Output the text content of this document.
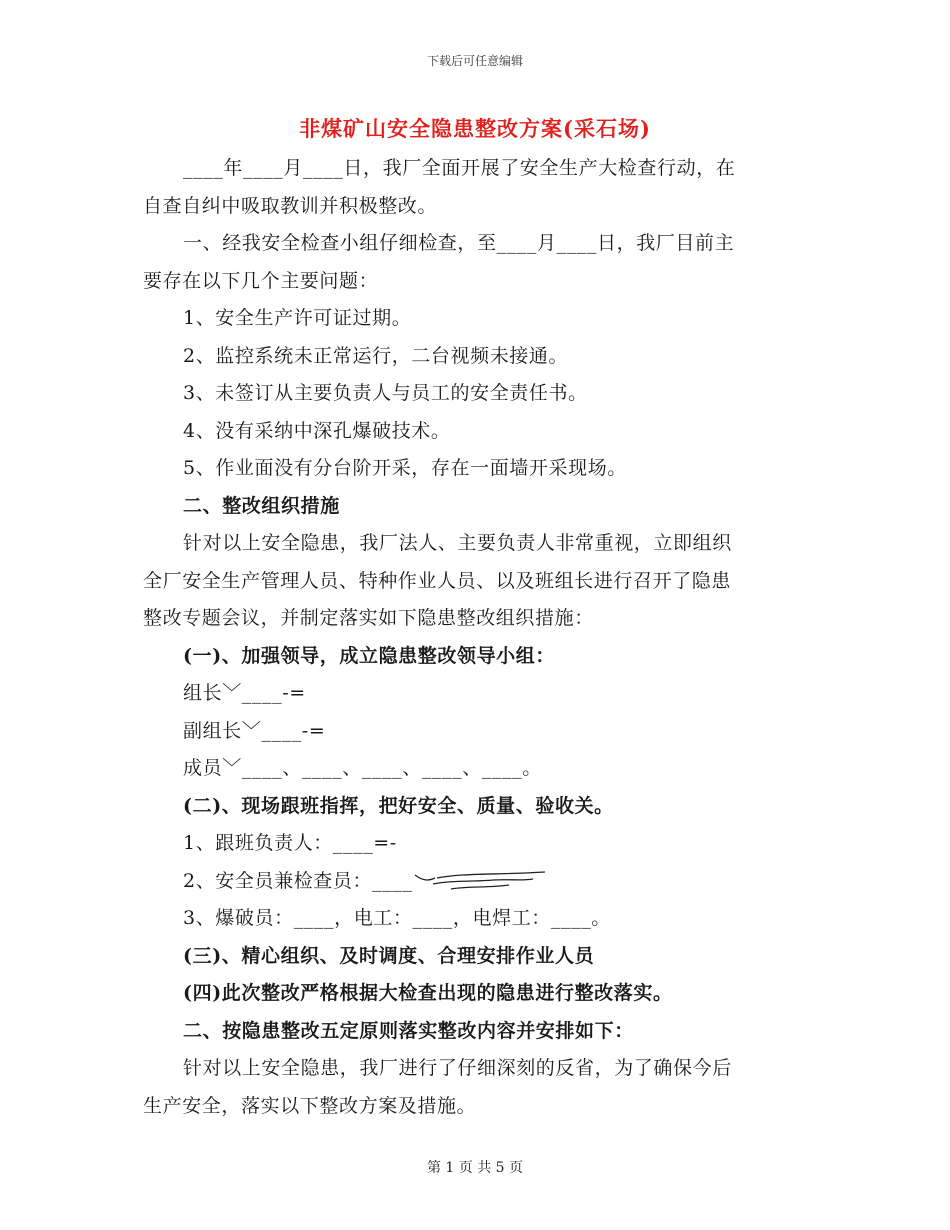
下载后可任意编辑
非煤矿山安全隐患整改方案(采石场)
____年____月____日，我厂全面开展了安全生产大检查行动，在
自查自纠中吸取教训并积极整改。
一、经我安全检查小组仔细检查，至____月____日，我厂目前主
要存在以下几个主要问题：
1、安全生产许可证过期。
2、监控系统未正常运行，二台视频未接通。
3、未签订从主要负责人与员工的安全责任书。
4、没有采纳中深孔爆破技术。
5、作业面没有分台阶开采，存在一面墙开采现场。
二、整改组织措施
针对以上安全隐患，我厂法人、主要负责人非常重视，立即组织
全厂安全生产管理人员、特种作业人员、以及班组长进行召开了隐患
整改专题会议，并制定落实如下隐患整改组织措施：
(一)、加强领导，成立隐患整改领导小组：
组长﹀____-=
副组长﹀____-=
成员﹀____、____、____、____、____。
(二)、现场跟班指挥，把好安全、质量、验收关。
1、跟班负责人：____=-
2、安全员兼检查员：____
3、爆破员：____，电工：____，电焊工：____。
(三)、精心组织、及时调度、合理安排作业人员
(四)此次整改严格根据大检查出现的隐患进行整改落实。
二、按隐患整改五定原则落实整改内容并安排如下：
针对以上安全隐患，我厂进行了仔细深刻的反省，为了确保今后
生产安全，落实以下整改方案及措施。
第 1 页 共 5 页
